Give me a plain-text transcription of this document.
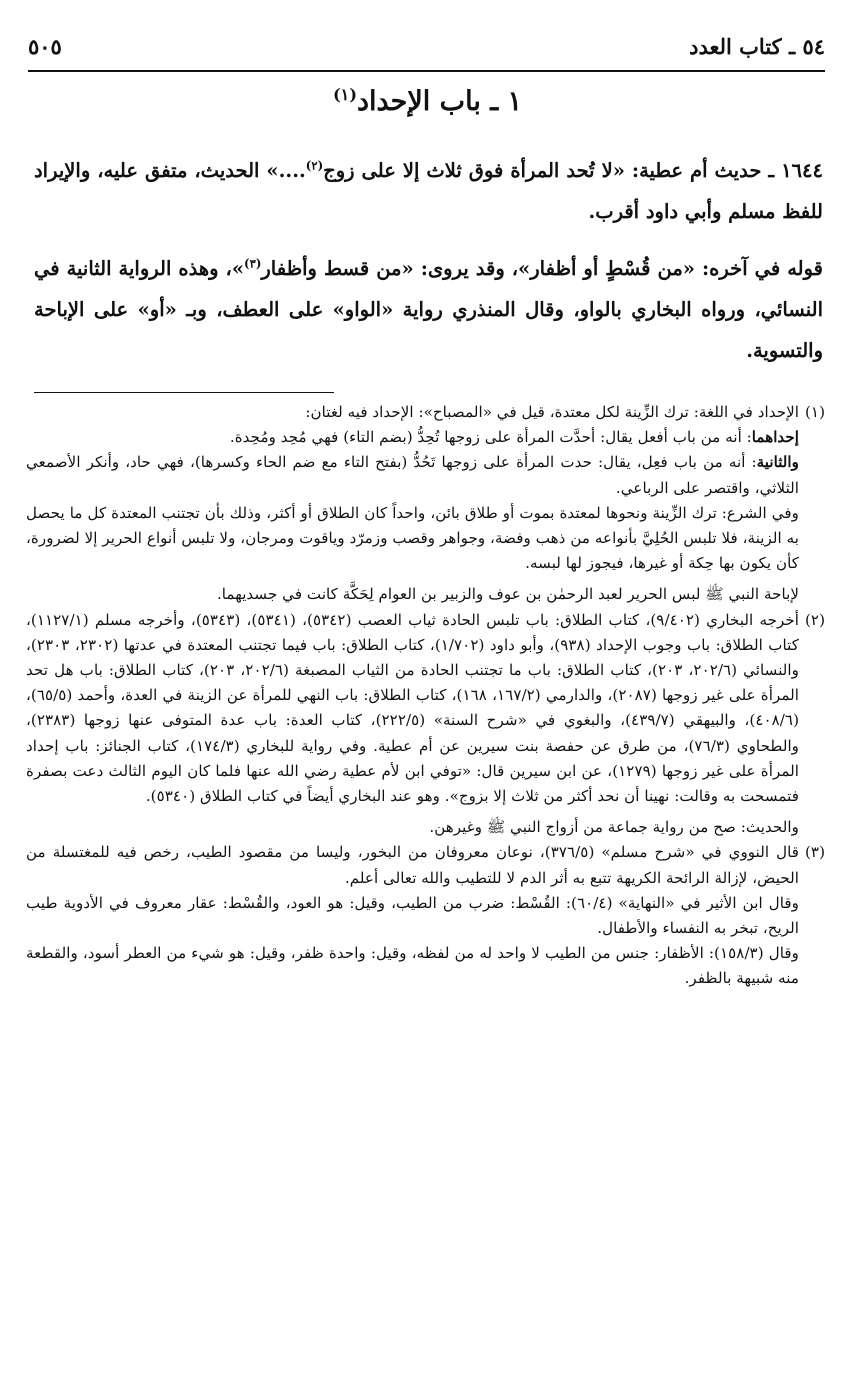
٥٤ ـ كتاب العدد
٥٠٥
١ ـ باب الإحداد$^{(١)}$

١٦٤٤ ـ حديث أم عطية: «لا تُحد المرأة فوق ثلاث إلا على زوج$^{(٢)}$....» الحديث، متفق عليه، والإيراد للفظ مسلم وأبي داود أقرب.

قوله في آخره: «من قُسْطٍ أو أظفار»، وقد يروى: «من قسط وأظفار$^{(٣)}$»، وهذه الرواية الثانية في النسائي، ورواه البخاري بالواو، وقال المنذري رواية «الواو» على العطف، وبـ «أو» على الإباحة والتسوية.

(١)

الإحداد في اللغة: ترك الزِّينة لكل معتدة، قيل في «المصباح»: الإحداد فيه لغتان:

إحداهما: أنه من باب أفعل يقال: أحدَّت المرأة على زوجها تُحِدُّ (بضم التاء) فهي مُحِد ومُحِدة.

والثانية: أنه من باب فعِل، يقال: حدت المرأة على زوجها تَحُدُّ (بفتح التاء مع ضم الحاء وكسرها)، فهي حاد، وأنكر الأصمعي الثلاثي، واقتصر على الرباعي.

وفي الشرع: ترك الزِّينة ونحوها لمعتدة بموت أو طلاق بائن، واحداً كان الطلاق أو أكثر، وذلك بأن تجتنب المعتدة كل ما يحصل به الزينة، فلا تلبس الحُلِيَّ بأنواعه من ذهب وفضة، وجواهر وقصب وزمرّد وياقوت ومرجان، ولا تلبس أنواع الحرير إلا لضرورة، كأن يكون بها حِكة أو غيرها، فيجوز لها لبسه.

لإباحة النبي ﷺ لبس الحرير لعبد الرحمٰن بن عوف والزبير بن العوام لِحَكَّة كانت في جسديهما.

(٢)

أخرجه البخاري (٩/٤٠٢)، كتاب الطلاق: باب تلبس الحادة ثياب العصب (٥٣٤٢)، (٥٣٤١)، (٥٣٤٣)، وأخرجه مسلم (١١٢٧/١)، كتاب الطلاق: باب وجوب الإحداد (٩٣٨)، وأبو داود (١/٧٠٢)، كتاب الطلاق: باب فيما تجتنب المعتدة في عدتها (٢٣٠٢، ٢٣٠٣)، والنسائي (٢٠٢/٦، ٢٠٣)، كتاب الطلاق: باب ما تجتنب الحادة من الثياب المصبغة (٢٠٢/٦، ٢٠٣)، كتاب الطلاق: باب هل تحد المرأة على غير زوجها (٢٠٨٧)، والدارمي (١٦٧/٢، ١٦٨)، كتاب الطلاق: باب النهي للمرأة عن الزينة في العدة، وأحمد (٦٥/٥)، (٤٠٨/٦)، والبيهقي (٤٣٩/٧)، والبغوي في «شرح السنة» (٢٢٢/٥)، كتاب العدة: باب عدة المتوفى عنها زوجها (٢٣٨٣)، والطحاوي (٧٦/٣)، من طرق عن حفصة بنت سيرين عن أم عطية. وفي رواية للبخاري (١٧٤/٣)، كتاب الجنائز: باب إحداد المرأة على غير زوجها (١٢٧٩)، عن ابن سيرين قال: «توفي ابن لأم عطية رضي الله عنها فلما كان اليوم الثالث دعت بصفرة فتمسحت به وقالت: نهينا أن نحد أكثر من ثلاث إلا بزوج». وهو عند البخاري أيضاً في كتاب الطلاق (٥٣٤٠).

والحديث: صح من رواية جماعة من أزواج النبي ﷺ وغيرهن.

(٣)

قال النووي في «شرح مسلم» (٣٧٦/٥)، نوعان معروفان من البخور، وليسا من مقصود الطيب، رخص فيه للمغتسلة من الحيض، لإزالة الرائحة الكريهة تتبع به أثر الدم لا للتطيب والله تعالى أعلم.

وقال ابن الأثير في «النهاية» (٦٠/٤): القُسْط: ضرب من الطيب، وقيل: هو العود، والقُسْط: عقار معروف في الأدوية طيب الريح، تبخر به النفساء والأطفال.

وقال (١٥٨/٣): الأظفار: جنس من الطيب لا واحد له من لفظه، وقيل: واحدة ظفر، وقيل: هو شيء من العطر أسود، والقطعة منه شبيهة بالظفر.
